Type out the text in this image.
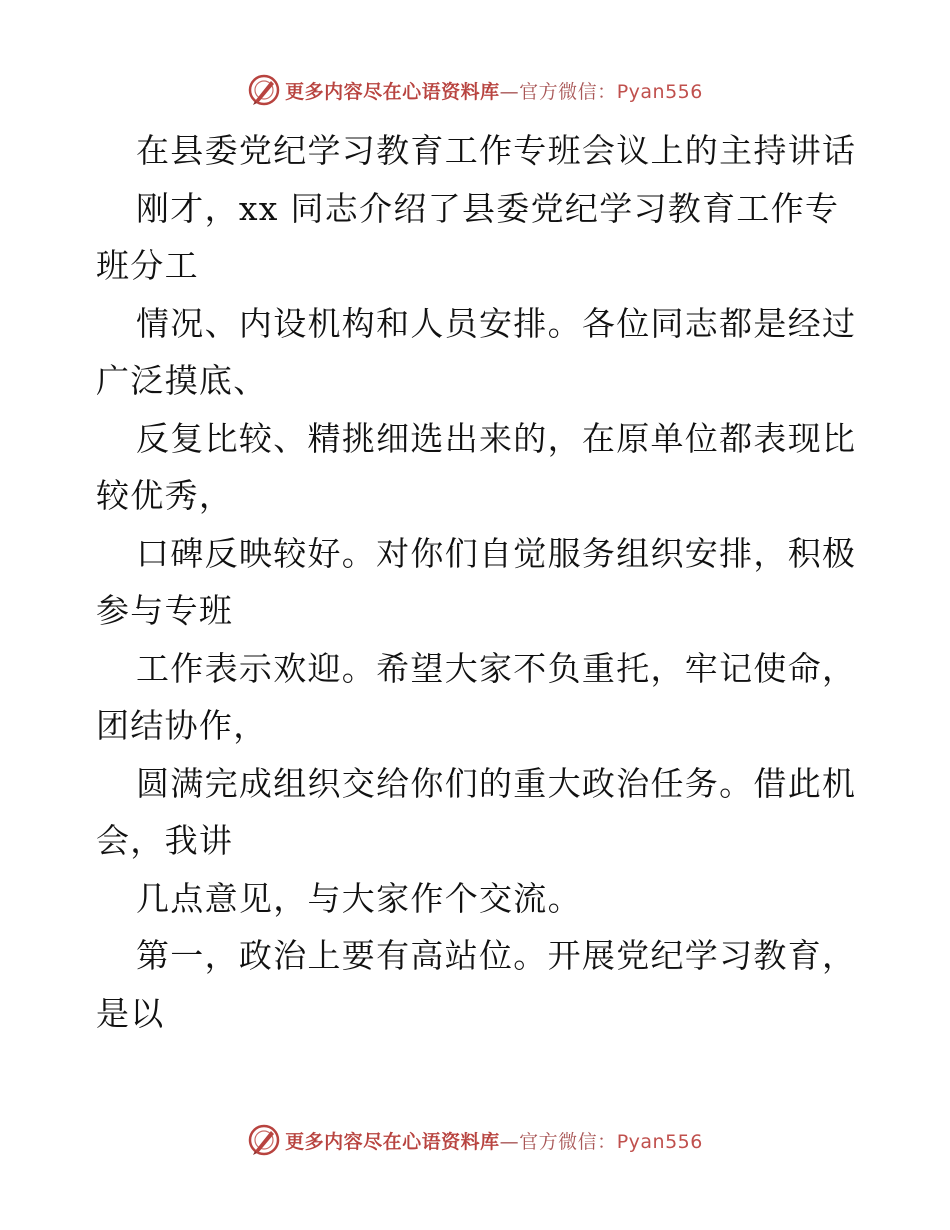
更多内容尽在心语资料库—官方微信：Pyan556
在县委党纪学习教育工作专班会议上的主持讲话
刚才，xx 同志介绍了县委党纪学习教育工作专
班分工
情况、内设机构和人员安排。各位同志都是经过
广泛摸底、
反复比较、精挑细选出来的，在原单位都表现比
较优秀，
口碑反映较好。对你们自觉服务组织安排，积极
参与专班
工作表示欢迎。希望大家不负重托，牢记使命，
团结协作，
圆满完成组织交给你们的重大政治任务。借此机
会，我讲
几点意见，与大家作个交流。
第一，政治上要有高站位。开展党纪学习教育，
是以
更多内容尽在心语资料库—官方微信：Pyan556
